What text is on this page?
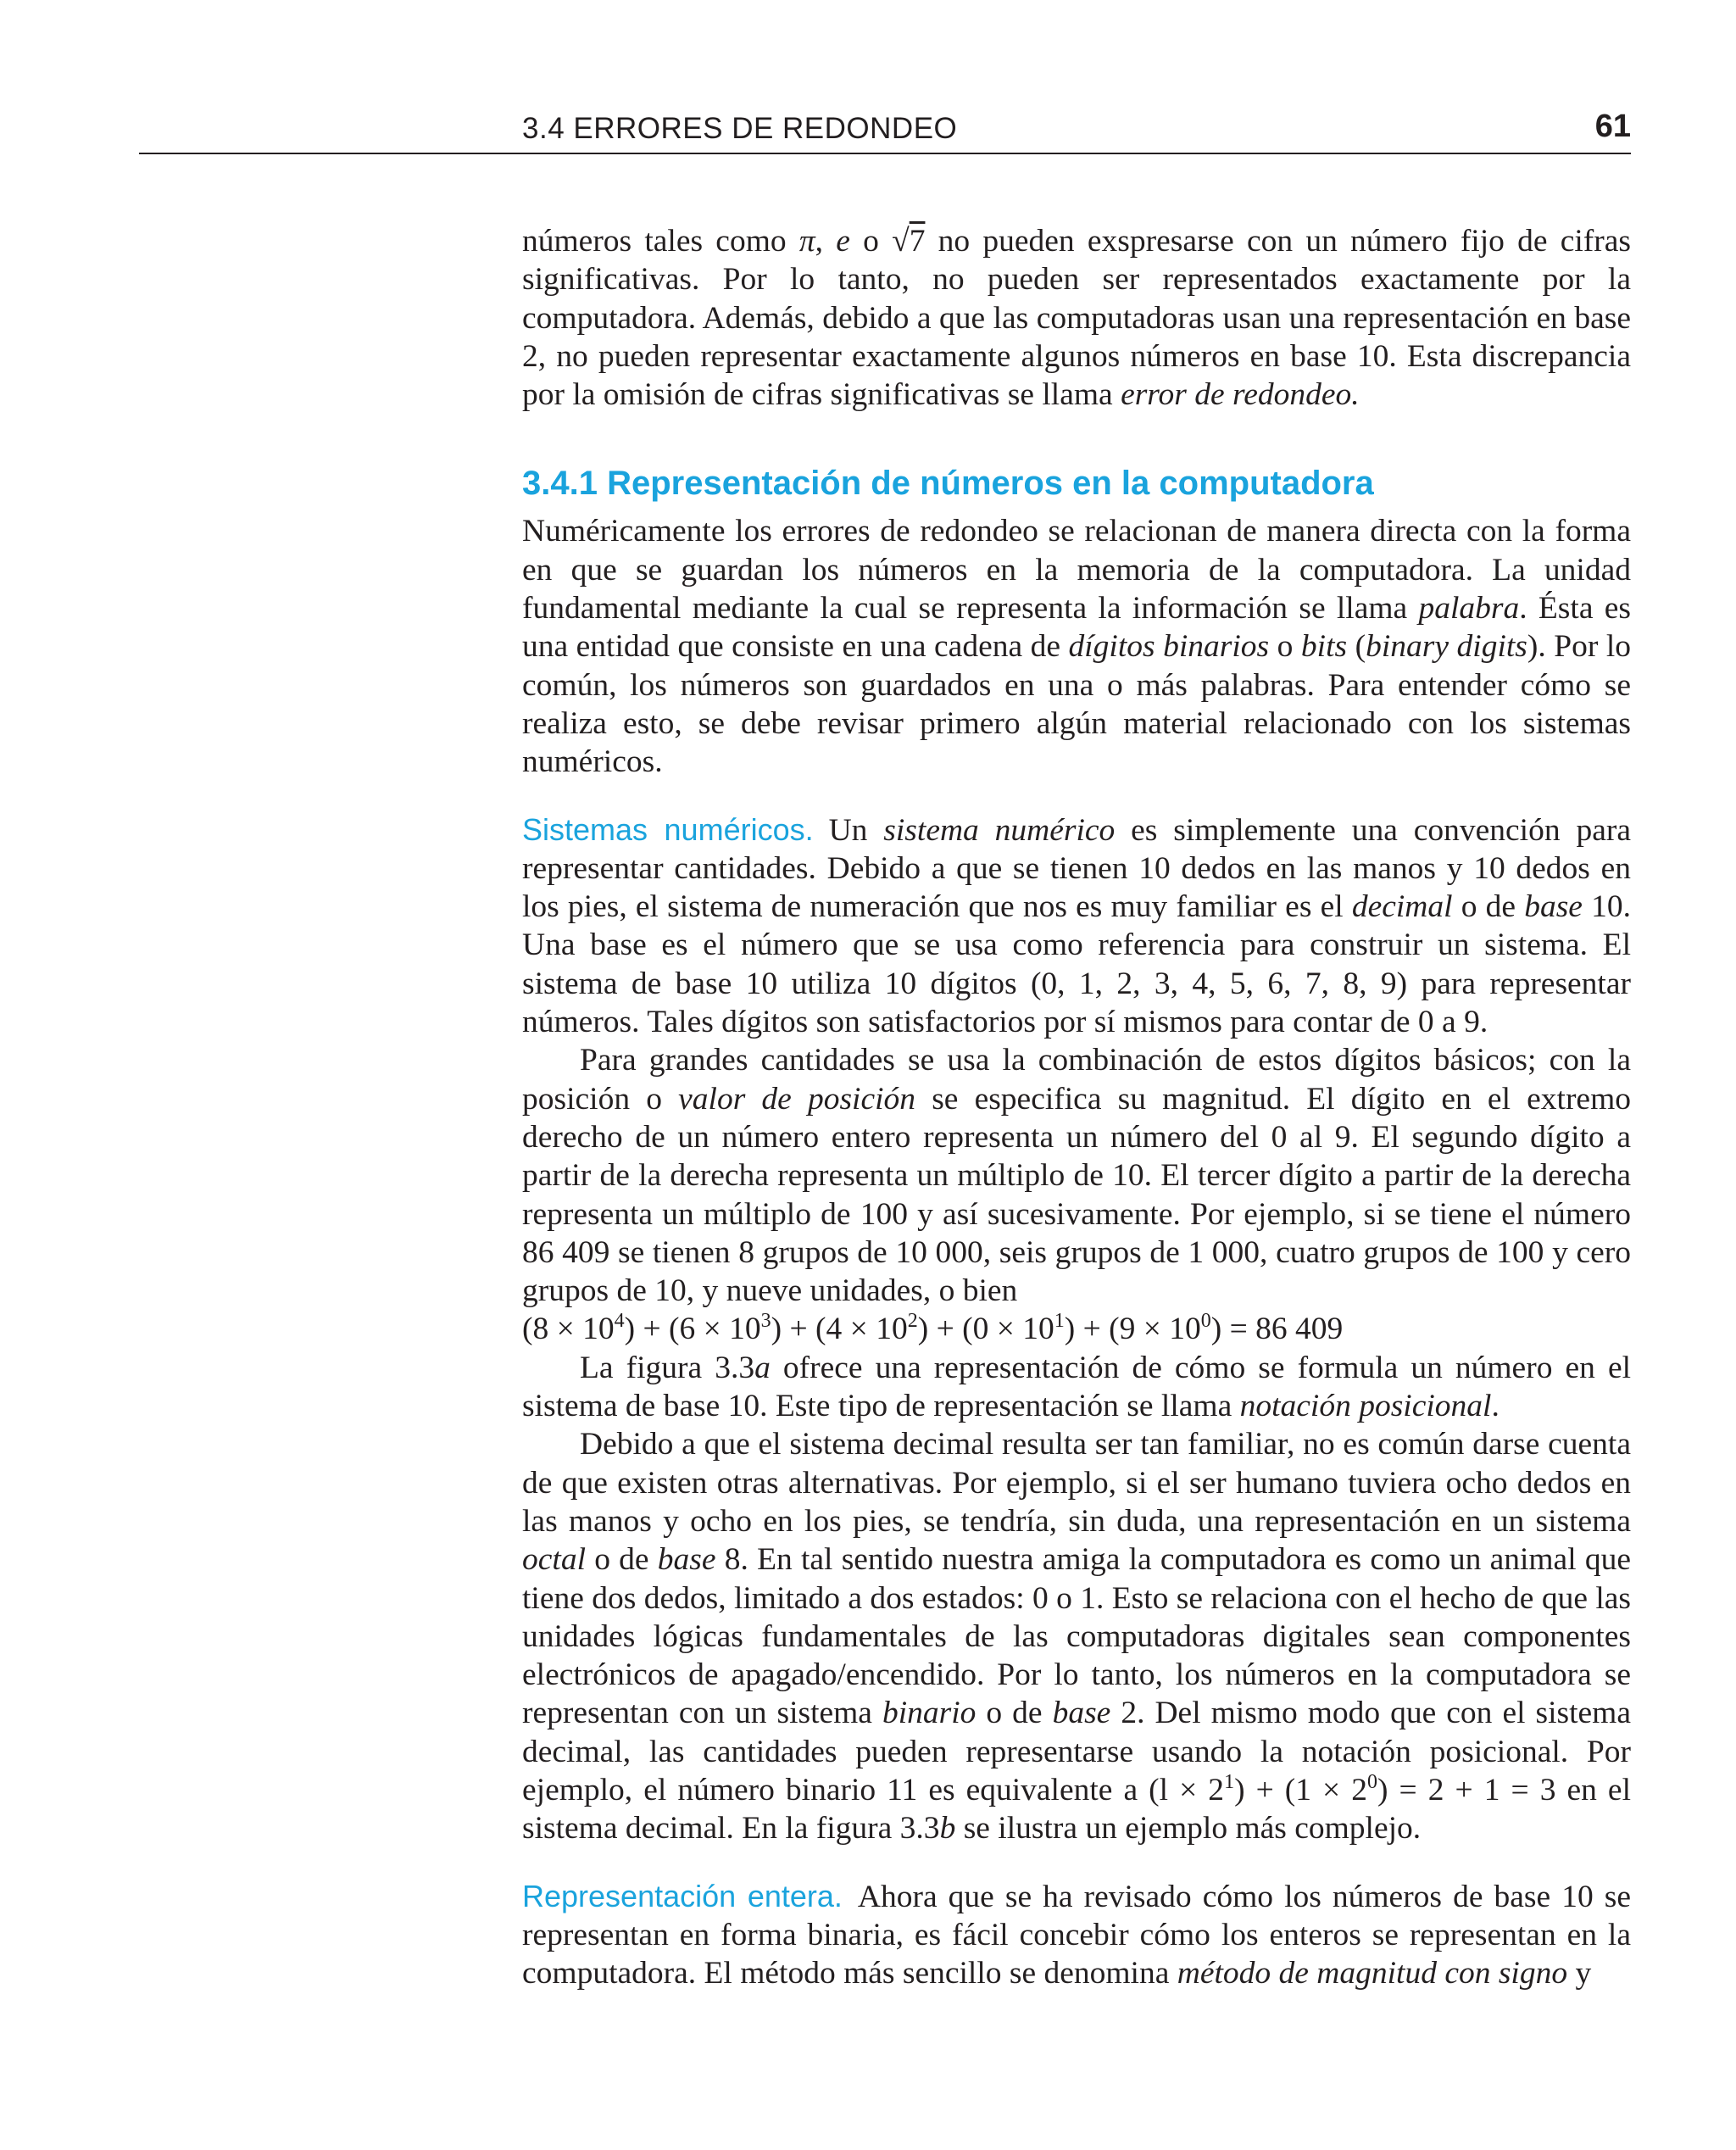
3.4 ERRORES DE REDONDEO	61

números tales como π, e o √7 no pueden exspresarse con un número fijo de cifras significativas. Por lo tanto, no pueden ser representados exactamente por la computadora. Además, debido a que las computadoras usan una representación en base 2, no pueden representar exactamente algunos números en base 10. Esta discrepancia por la omisión de cifras significativas se llama error de redondeo.

3.4.1 Representación de números en la computadora

Numéricamente los errores de redondeo se relacionan de manera directa con la forma en que se guardan los números en la memoria de la computadora. La unidad fundamental mediante la cual se representa la información se llama palabra. Ésta es una entidad que consiste en una cadena de dígitos binarios o bits (binary digits). Por lo común, los números son guardados en una o más palabras. Para entender cómo se realiza esto, se debe revisar primero algún material relacionado con los sistemas numéricos.

Sistemas numéricos. Un sistema numérico es simplemente una convención para representar cantidades. Debido a que se tienen 10 dedos en las manos y 10 dedos en los pies, el sistema de numeración que nos es muy familiar es el decimal o de base 10. Una base es el número que se usa como referencia para construir un sistema. El sistema de base 10 utiliza 10 dígitos (0, 1, 2, 3, 4, 5, 6, 7, 8, 9) para representar números. Tales dígitos son satisfactorios por sí mismos para contar de 0 a 9.

Para grandes cantidades se usa la combinación de estos dígitos básicos; con la posición o valor de posición se especifica su magnitud. El dígito en el extremo derecho de un número entero representa un número del 0 al 9. El segundo dígito a partir de la derecha representa un múltiplo de 10. El tercer dígito a partir de la derecha representa un múltiplo de 100 y así sucesivamente. Por ejemplo, si se tiene el número 86 409 se tienen 8 grupos de 10 000, seis grupos de 1 000, cuatro grupos de 100 y cero grupos de 10, y nueve unidades, o bien

$(8 \times 10^4) + (6 \times 10^3) + (4 \times 10^2) + (0 \times 10^1) + (9 \times 10^0) = 86$ 409

La figura 3.3a ofrece una representación de cómo se formula un número en el sistema de base 10. Este tipo de representación se llama notación posicional.

Debido a que el sistema decimal resulta ser tan familiar, no es común darse cuenta de que existen otras alternativas. Por ejemplo, si el ser humano tuviera ocho dedos en las manos y ocho en los pies, se tendría, sin duda, una representación en un sistema octal o de base 8. En tal sentido nuestra amiga la computadora es como un animal que tiene dos dedos, limitado a dos estados: 0 o 1. Esto se relaciona con el hecho de que las unidades lógicas fundamentales de las computadoras digitales sean componentes electrónicos de apagado/encendido. Por lo tanto, los números en la computadora se representan con un sistema binario o de base 2. Del mismo modo que con el sistema decimal, las cantidades pueden representarse usando la notación posicional. Por ejemplo, el número binario 11 es equivalente a $(l \times 2^1) + (1 \times 2^0) = 2 + 1 = 3$ en el sistema decimal. En la figura 3.3b se ilustra un ejemplo más complejo.

Representación entera. Ahora que se ha revisado cómo los números de base 10 se representan en forma binaria, es fácil concebir cómo los enteros se representan en la computadora. El método más sencillo se denomina método de magnitud con signo y
